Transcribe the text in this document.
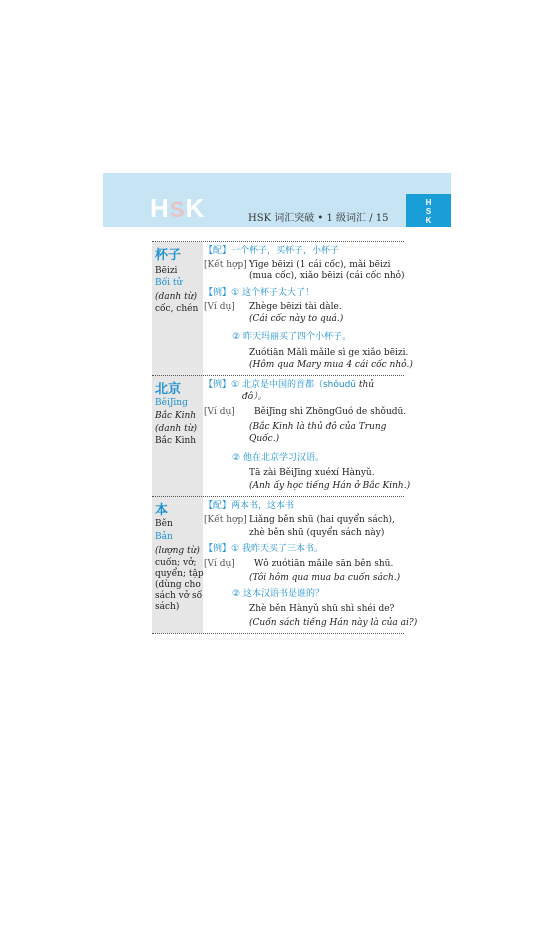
HSK	HSK 词汇突破 • 1 级词汇 / 15
H
S
K
杯子
Bēizi
Bối tử
(danh từ)
cốc, chén
【配】一个杯子，买杯子，小杯子
[Kết hợp] Yīge bēizi (1 cái cốc), mǎi bēizi
(mua cốc), xiǎo bēizi (cái cốc nhỏ)
【例】① 这个杯子太大了！
[Ví dụ] Zhège bēizi tài dàle.
(Cái cốc này to quá.)
② 昨天玛丽买了四个小杯子。
Zuótiān Mǎlì mǎile sì ge xiǎo bēizi.
(Hôm qua Mary mua 4 cái cốc nhỏ.)
北京
BěiJīng
Bắc Kinh
(danh từ)
Bắc Kinh
【例】① 北京是中国的首都（shǒudū thủ
đô）。
[Ví dụ] BěiJīng shì ZhōngGuó de shǒudū.
(Bắc Kinh là thủ đô của Trung
Quốc.)
② 他在北京学习汉语。
Tā zài BěiJīng xuéxí Hànyǔ.
(Anh ấy học tiếng Hán ở Bắc Kinh.)
本
Běn
Bản
(lượng từ)
cuốn; vở;
quyển; tập
(dùng cho
sách vở số
sách)
【配】两本书，这本书
[Kết hợp] Liǎng běn shū (hai quyển sách),
zhè běn shū (quyển sách này)
【例】① 我昨天买了三本书。
[Ví dụ] Wǒ zuótiān mǎile sān běn shū.
(Tôi hôm qua mua ba cuốn sách.)
② 这本汉语书是谁的？
Zhè běn Hànyǔ shū shì shéi de?
(Cuốn sách tiếng Hán này là của ai?)
